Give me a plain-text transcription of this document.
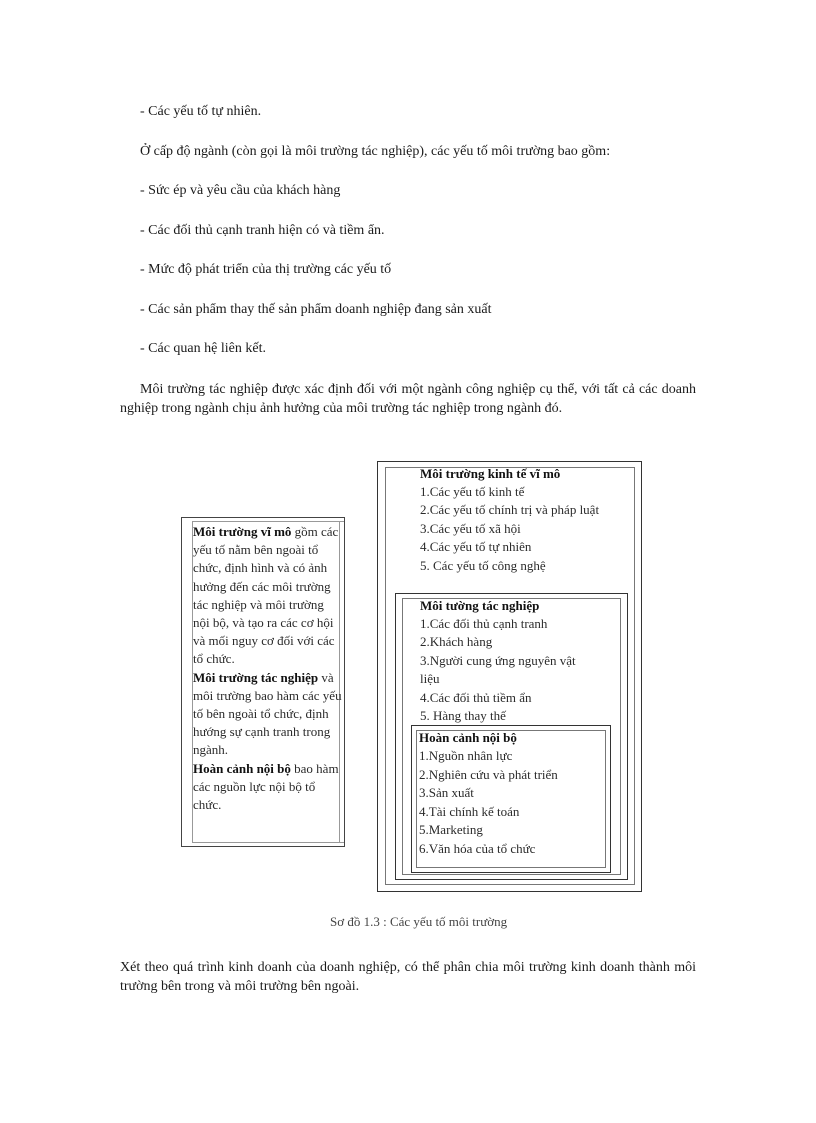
- Các yếu tố tự nhiên.
Ở cấp độ ngành (còn gọi là môi trường tác nghiệp), các yếu tố môi trường bao gồm:
- Sức ép và yêu cầu của khách hàng
- Các đối thủ cạnh tranh hiện có và tiềm ẩn.
- Mức độ phát triển của thị trường các yếu tố
- Các sản phẩm thay thế sản phẩm doanh nghiệp đang sản xuất
- Các quan hệ liên kết.
Môi trường tác nghiệp được xác định đối với một ngành công nghiệp cụ thể, với tất cả các doanh nghiệp trong ngành chịu ảnh hưởng của môi trường tác nghiệp trong ngành đó.
Môi trường vĩ mô gồm các yếu tố nằm bên ngoài tổ chức, định hình và có ảnh hưởng đến các môi trường tác nghiệp và môi trường nội bộ, và tạo ra các cơ hội và mối nguy cơ đối với các tổ chức.
Môi trường tác nghiệp và môi trường bao hàm các yếu tố bên ngoài tổ chức, định hướng sự cạnh tranh trong ngành.
Hoàn cảnh nội bộ bao hàm các nguồn lực nội bộ tổ chức.
Môi trường kinh tế vĩ mô
1.Các yếu tố kinh tế
2.Các yếu tố chính trị và pháp luật
3.Các yếu tố xã hội
4.Các yếu tố tự nhiên
5. Các yếu tố công nghệ
Môi tường tác nghiệp
1.Các đối thủ cạnh tranh
2.Khách hàng
3.Người cung ứng nguyên vật
liệu
4.Các đối thủ tiềm ẩn
5. Hàng thay thế
Hoàn cảnh nội bộ
1.Nguồn nhân lực
2.Nghiên cứu và phát triển
3.Sản xuất
4.Tài chính kế toán
5.Marketing
6.Văn hóa của tổ chức
Sơ đồ 1.3 : Các yếu tố môi trường
Xét theo quá trình kinh doanh của doanh nghiệp, có thể phân chia môi trường kinh doanh thành môi trường bên trong và môi trường bên ngoài.
